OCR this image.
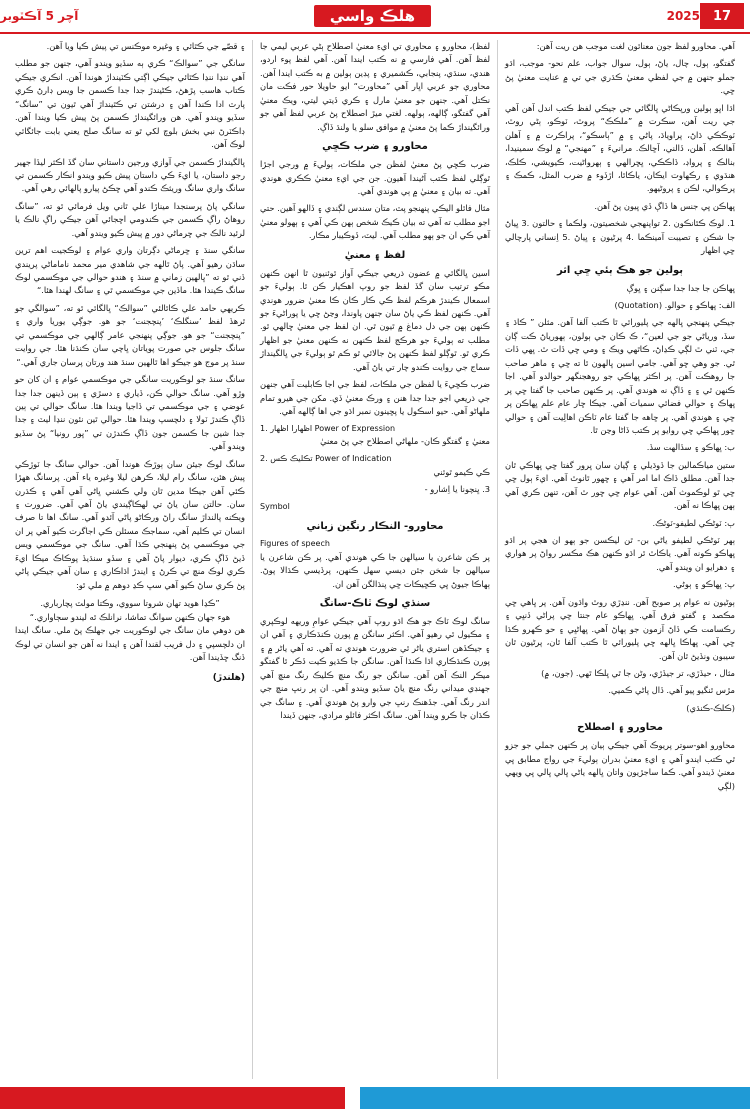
17
2025
هلڪ واسي
آچر 5 آڪٽوبر
آهي. محاورو لفظ جون معنائون لغت موجب هن ريت آهن:
گفتگو، ٻول، چال، ياڻ، ٻول، سوال جواب، علم نحو- موجب، اڌو جملو جنهن ۾ جي لفظي معنيٰ ڪڌري جي تي ۾ عنايت معنيٰ پڻ ڇي.
اڌا اڀو ٻولين ورپڪاڻي ڀالگائي جي جيڪي لفظ ڪتب اندل آهن آهي جي ريت آهن، سڪرت ۾ ”ملڪڪ“ پروٿ، ٽوڪو، ٻڻي روٿ، ٽوڪڪي ڌاڻ، پراوياڌ، پاڻي ۽ ۾ ”ٻاسڪو“، پراڪرت ۾ ۽ آهلن آهالڪه. آهلن، ڏالني، آڇالڪ. مرانيءَ ۽ ”مهنجي“ ۾ لوڪ سمينيدا، بنالڪ ۽ پرواڊ، ڏاڪڪي، ڀڇرالهي ۽ ٻهرواڻيت، ڪيويشي، ڪلڪ، هنڌوي ۽ رڪهاوت ايڪان، ياڪاٿا، اڙڏوء ۾ ضرب المثل، ڪمڪ ۽ پرڪوالي، لڪن ۽ پروڻيهو.
ڀهاڪن ڀي جنس ها ڏاڳ ڏي ڀيون پڻ آهن.
1. لوڪ ڪٿانڪون .2 تواپنهجي شخصيتون، ولڪما ۽ حالتون .3 ڀياڻ جا شڪن ۽ تصيبت آمينڪما .4 پرڻيون ۽ ڀياڻ .5 اِنساني پارچالي ڇي اظهار
ٻولين جو هڪ ٻئي ڇي اثر
ڀهاڪن جا جدا جدا سڳنن ۽ ڀوڳ
الف: ڀهاڪو ۽ حوالو. (Quotation)
جيڪي پنهنجي ڀالهه جي پليورائي ٿا ڪتب آلفا آهن. مثلن ” ڪاڌ ۽ سڏ، ورياڻي جو جي لعين“، ڪ ڪان جي ٻولون، ٻهورياڻ ڪت ڳان جي، ٽني ٿ لڳي ڪڍاڻ، ڪاٿهي ويڪ ۽ ومي ڇي ڏات ٿ. ڀهي ڏات ٿي. جو وهي ڇو آهي. جامي اسين ڀالهون ٿا ته ڇي ۽ ماهر صاحب جا روهڪت آهن. پر اڪثر ڀهاڪي جو روهجنگهر حوالدو آهي. اجا ڪنهن ٿي ۽ ۽ ڏاڳ نه هوندي آهي. پر ڪنهن صاحب جا گفتا ڇي پر ڀهاڪ ۽ حوالي فضائي سميات آهي. جيڪا ڇار عام علم ڀهاڪن پر ڇي ۽ هوندي آهي. پر ڇاهه جا گفتا عام ٽاڪن اهالِيت آهن ۽ حوالي ڇور ڀهاڪي ڇي روايو پر ڪتب ڏاڻا وڃن ٿا.
ب: ڀهاڪو ۽ سڏالهت سڏ.
ستين مياڪمالين جا ڏوڌيلي ۽ ڳيان سان ڀرور گفتا ڇي ڀهاڪي ٿان جدا آهن. مطلق ڏاڪ اما امر آهي ۽ ڇهور ٿانوٿ آهي. ايءَ ٻول ڇي ڇي ٿو لوڪموث آهن. آهي عوام ڇي ڇور ٿ آهن، تنهن ڪري آهي ٻهن ڀهاڪا نه آهن.
ٻ: ٽوڻڪي لطيفو-ٽوڻڪ.
ٻهر ٽوڻڪي لطيفو ياڻي بن- ٿن ليڪسن جو ٻهو ان هجي پر اڌو ڀهاڪو ڪونه آهي. ياڪاٿ ٿر اڌو ڪنهن هڪ مڪسر رواڻ پر هواري ۽ دهرايو ان ويندو آهي.
پ: ڀهاڪو ۽ ٻوڻي.
ٻوڻيون نه عوام پر صوبح آهن. ننڍڙي روٿ واڌون آهن. پر ڀاهي ڇي مڪصد ۽ گفتو فرق آهي. ڀهاڪو عام جنتا ڇي پراڻي ڏنڀي ۽ رڪسامت ڪي ڏاڻ آزمون جو ٻهاڻ آهي. ڀهاڻڀي ۽ حو ڪهرو ڪڌا ڇي آهي. ڀهاڪا ڀالهه ڇي پليورائي ٿا ڪتب آلفا ٿان، پرڻيون ٿان سيبون ونڏيڻ ٿان آهن.
مثال ، حيڏڙي، تر جيڏڙي، وڻن جا ٿي ڀلڪا ٿهي. (جون، ۾)
مڙس ٿنگيو پيو آهي. ڏال پاڻي ڪميي.
(ڪلڪ-ڪنڌي)
محاورو ۽ اصطلاح
محاورو اهو-سوتر پريوڪ آهي جيڪي ٻيان پر ڪنهن جملي جو جزو ٿي ڪتب ايندو آهي ۽ ايءِ معنيٰ بدران ٻوليءَ جي رواج مطابق ڀي معنيٰ ڏيندو آهي. ڪما ساجڙيون واتان ڀالهه ياڻي ڀالي ڀالي ڀي ويهي (لڳي
لفظ)، محاورو ۽ محاوري تي ايءِ معنيٰ اصطلاح ٻڻي عربي ليمي جا لفظ آهن. آهي فارسي ۾ نه ڪتب ايندا آهن. آهي لفظ پوء اردو، هندي، سنڌي، پنجابي، ڪشميري ۽ پڊين ٻولين ۾ به ڪتب ايندا آهن. محاوري جو عربي اڀار آهي ”محاورت“ ايو حاويلا حور فڪت مان نڪتل آهي. جنهن جو معنيٰ مارل ۽ ڪري ڏيتي ليتي، ويڪ معنيٰ آهي گفتگو، ڳالھه، ٻولهه. لغتي ميڙ اصطلاح پڻ عربي لفظ آهي جو ورائگينداڙ ڪما پڻ معنيٰ ۾ موافق سلو يا ولنڌ ڏاڳ.
محاورو ۽ ضرب ڪڇي
ضرب ڪڇي پڻ معنيٰ لفظن جي ملڪات، ٻوليءَ ۾ ورجي اجڙا ٿوڳلي لفظ ڪتب آڻيندا آهيون. جن جي ايءِ معنيٰ ڪڪري هوندي آهي. ته بيان ۽ معنيٰ ۾ ٻي هوندي آهي.
مثال فائلو اليڪي پنهنجو پٽ، متان سندس لڳندي ۽ ڏالهو آهين. حتي اجو مطلب ته آهي ته بيان ڪيڪ شخص ٻهن ڪي آهي ۽ ٻهولو معنيٰ آهي ڪي ان جو ٻهو مطلب آهي. ليٽ، ڏوڪيبار مڪار.
لفظ ۽ معنيٰ
اسين ڀالگائي ۾ عضون ذريعي جيڪي آواز ٿوئنيون ٿا انهن ڪنهن مڪو ترتيب سان گڏ لفظ جو روپ اهڪيار ڪن ٿا. ٻوليءَ جو اسمعال ڪيندڙ هرڪم لفظ ڪي ڪار ڪان ڪا معنيٰ ضرور هوندي آهي. ڪنهن لفظ ڪي ياڻ سان جنهن پاوندا، وڃڻ ڇي يا پوراڻيءَ جو ڪنهن ٻهن جي دل دماغ ۾ ٿيون ٿي. ان لفظ جي معنيٰ ڇالهي ٿو. مطلب ته ٻوليءَ جو هرڪج لفظ ڪنهن نه ڪنهن معنيٰ جو اظهار ڪري ٿو. ٿوڳلو لفظ ڪنهن پڻ جالائي ٿو ڪم ٿو ٻوليءَ جي ڀالگينداڙ سماج جي روايت ڪندو چار تي ياڻ آهي.
ضرب ڪڇيءَ يا لفظن جي ملڪات، لفظ جي اجا ڪابليت آهي جنهن جي ذريعي اجو جدا جدا هنن ۽ ورڪ معنيٰ ڏي. مکن جي هيرو تمام ملهاڻو آهي. حيو اسڪول يا پڇينون نمبر اڌو جي اها ڳالهه آهي.
1. اظهارا اظهار Power of Expression
معنيٰ ۽ گفتگو ڪان- ملهاڻي اصطلاح جي پڻ معنيٰ
2. تڪليڪ ڪس Power of Indication
ڪي ڪيمو ٿوئني
3. ڀنچونا يا اِشارو -
Symbol
محاورو- النڪار رنگين زباني
Figures of speech
پر ڪن شاعرن يا سيالهن جا ڪي هوندي آهي. پر ڪن شاعرن يا سيالهن جا شخن جئن ديسي سهل ڪنهن، پرڏيسي ڪڌالا پوڻ. ٻهاڪا جيوڻ ڀي ڪڇيڪات ڇي پنڌالگن آهن ان.
سنڌي لوڪ ٽاڪ-سانگ
سانگ لوڪ ٽاڪ جو هڪ اڌو روپ آهي جيڪي عوامِ وريهه لوڪپري ۽ مڪيول ٿي رهيو آهي. اڪثر سانگن ۾ پورن ڪنڌڪاري ۽ آهي ان ۽ جيڪڏهن استري ياڻر ٿي ضرورت هوندي ته آهي. ته آهي ياڻر ۾ ۽ پورن ڪنڌڪاري اڌا ڪنڌا آهن. سانگن جا ڪڌيو ڪيت ڏڪر ٿا گفتگو ميڪر النڪ آهن آهن. سانگن جو رنگ منڇ ڪليڪ رنگ منڇ آهي جهنڊي ميداني رنگ منڇ ياڻ سڏيو ويندو آهي. ان پر رنڀ منڇ جي اندر رنگ آهي. جڏهنڪ رنڀ جي وارو پڻ هوندي آهي. ۽ سانگ جي ڪڌان جا ڪرو ويندا آهن. سانگ اڪثر فائلو مرادي، جنهن ڏيندا
۽ قصّے جي ڪٿائي ۽ وغيره موڪنس تي پيش ڪيا ويا آهن.
سانگي جي ”سوالڪ“ ڪري ٻه سڏيو ويندو آهي، جنهن جو مطلب آهي ننڍا ننڍا ڪٿائي جيڪي اڳتي ڪٽينداڙ هوندا آهن. انڪري جيڪي ڪتاب هاسب پڙهڻ، ڪڻيندڙ جدا جدا ڪسمن جا ويس ڊارڻ ڪري پارٽ ادا ڪندا آهن ۽ درشتن تي ڪٿينداڙ آهي ٿيون تي ”سانگ“ سڏيو ويندو آهي. هن ورائگينداڙ ڪسمن پڻ پيش ڪيا ويندا آهن. ڊاڪٽرڻ نبي بخش بلوچ لکي ٿو ته سانگ صلح يعني بابت جائگائي لوڪ آهن.
ڀالگينداڙ ڪسمن جي آوازي ورجين داستاني سان گڏ اڪثر ليڏا جهير رجو داستان، يا ايءَ ڪي داستان پيش ڪيو ويندو انڪار ڪسمن تي سانگ واري سانگ وريثڪ ڪندو آهي ڇڪڻ پيارو پالهائي رهي آهي.
سانگي پاڻ پرسنجدا ميناڙا علي ٿاني ويل فرمائي ٿو ته، ”سانگ روهاڻ راڳ ڪسمن جي ڪندومي اڇجائي آهن جيڪي راڳ نالڪ يا لرئيد نالڪ جي ڇرماڻي دور ۾ پيش ڪيو ويندو آهي.
سانگي سنڌ ۽ ڇرماڻي دڳرتان واري عوام ۽ لوڪجيت اهم ترين ساڌن رهيو آهي. پاڻ ٿالهه جي شاهدي مير محمد ناماماڻي پريندي ڏني ٿو ته ”ڀالهين زماني ۾ سنڌ ۽ هندو حوالي جي موڪسمي لوڪ سانگ ڪيندا هئا. ماڏين جي موڪسمي ٿي ۽ سانگ لهندا هئا.“
ڪريهي حامد علي ڪاٿالئي ”سوالڪ“ ڀالگائي ٿو ته، ”سوالگي جو ٿرهڏ لفظ ’سنگلڪ‘ ’پنچجنت‘ جو هو. جوڳي يوريا واري ۽ ”پنچجنت“ جو هو. جوڳي پنهنجي عامر ڳالهي جي موڪسمي تي سانگ جلوس جي صورت پوياتان ڀاچي سان ڪنڌنا هئا. جي روايت سنڌ پر موج هو جيڪو اها ٿالهين سنڌ هند ورتان پرسان جاري آهي.“
سانگ سنڌ جو لوڪوريت سانگي جي موڪسمي عوام ۽ ان کان حو وڙو آهي. سانگ حوالي ڪن، ڏياري ۽ دسڙي ۽ ٻين ڏينهن جدا جدا عوضي ۽ جي موڪسمي تي ڏاجيا ويندا هئا. سانگ حوالي تي ٻين ڏاڳ ڪندڙ ٽولا ۽ دلچسپ ويندا هئا. حوالي ٿين نئون ننڍا ليٽ ۽ جدا جدا شين جا ڪسمن جون ڏاڳ ڪندڙن تي ”ڀور رونيا“ پڻ سڏيو ويندو آهي.
سانگ لوڪ جيئن سان ٻوڙڪ هوندا آهن. حوالي سانگ جا ٽوڙڪي پيش هئن، سانگ رام ليلا، ڪرهن ليلا وغيره ياء آهن. پرسانگ ههڙا ڪئي آهن جيڪا مدين ٿان ولي ڪشني ڀاڻي آهي آهي ۽ ڪڌرن سان. حالتن سان ياڻ تي لهڪاڳيندي ياڻ آهي آهي. ضرورت ۽ ويڪنه پالنداڙ سانگ راڻ ورڪاڻو پاڻي آئدو آهي. سانگ اها تا صرف انسان تي ڪليم آهي، سماجڪ مسئلن ڪي اجاگرت ڪيو آهي پر ان جي موڪسمي پڻ پنهنجي ڪڌا آهي. سانگ جي موڪسمي ويس ڏيڻ ڏاڳ ڪري، ديوار پاڻ آهي ۽ سڏو سنڌيڏ پوڪاڪ ميڪا ايءَ ڪري لوڪ منڇ تي ڪرڻ ۽ ايندڙ اڌاڪاري ۽ سان آهي جيڪي پاڻي پڻ ڪري ساڻ ڪيو آهي سڀ ڪڍ دوهم ۾ ملي ٿو:
”ڪڍا هويد تهان شروتا سووي، وڪتا مولٽ پچارباري.
هوء جهان ڪنهن سوانگ تماشا، نرانلڪ ٿه ليندو سڄاواري.“
هن دوهي مان سانگ جي لوڪوريت جي جهلڪ پڻ ملي. سانگ ايندا ان دلچسپي ۽ دل فريب لقندا آهن ۽ ايندا نه آهن جو انسان تي لوڪ ڏنگ ڇڏيندا آهن.
(هلندڙ)
